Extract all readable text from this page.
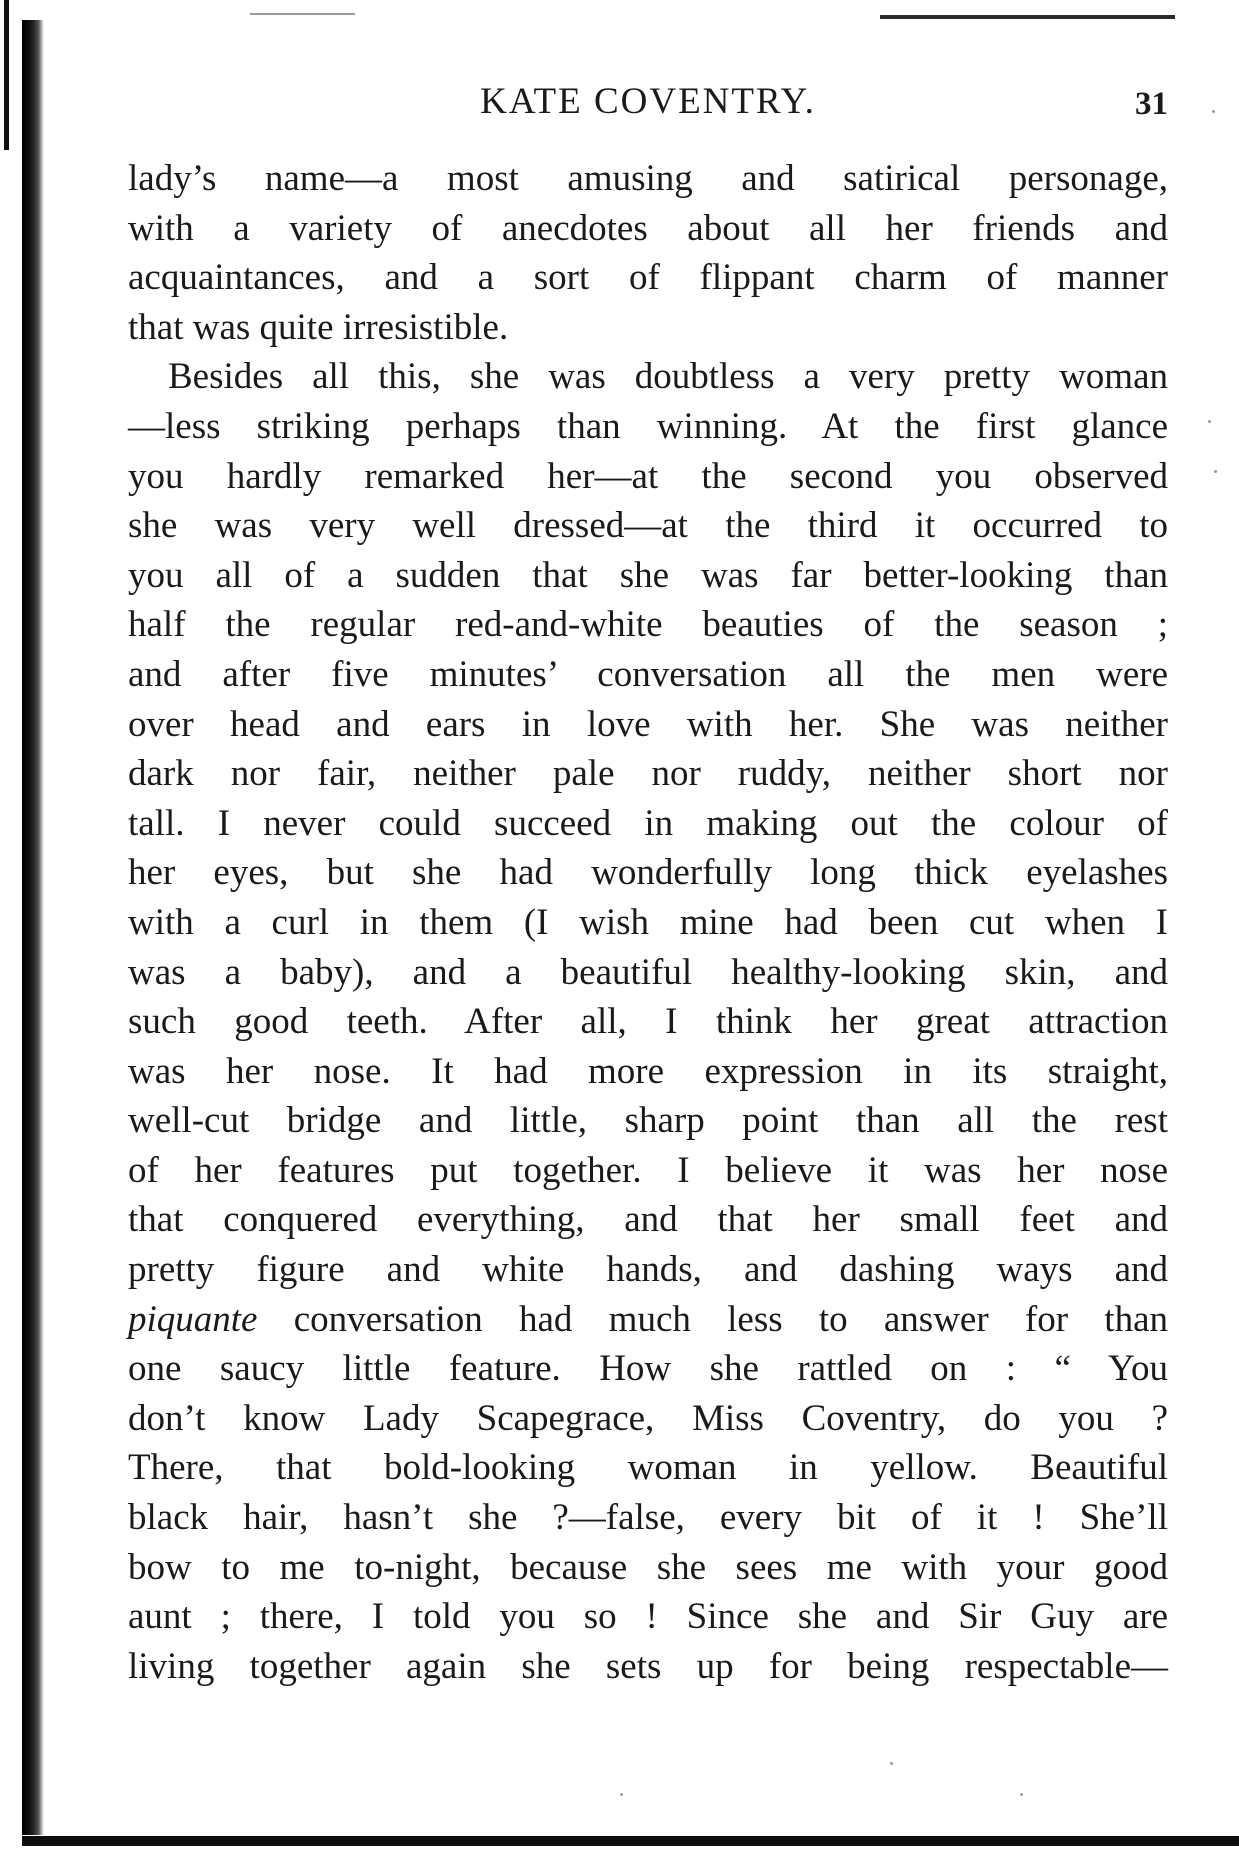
KATE COVENTRY.	31
lady’s name—a most amusing and satirical personage,
with a variety of anecdotes about all her friends and
acquaintances, and a sort of flippant charm of manner
that was quite irresistible.
Besides all this, she was doubtless a very pretty woman
—less striking perhaps than winning. At the first glance
you hardly remarked her—at the second you observed
she was very well dressed—at the third it occurred to
you all of a sudden that she was far better-looking than
half the regular red-and-white beauties of the season ;
and after five minutes’ conversation all the men were
over head and ears in love with her. She was neither
dark nor fair, neither pale nor ruddy, neither short nor
tall. I never could succeed in making out the colour of
her eyes, but she had wonderfully long thick eyelashes
with a curl in them (I wish mine had been cut when I
was a baby), and a beautiful healthy-looking skin, and
such good teeth. After all, I think her great attraction
was her nose. It had more expression in its straight,
well-cut bridge and little, sharp point than all the rest
of her features put together. I believe it was her nose
that conquered everything, and that her small feet and
pretty figure and white hands, and dashing ways and
piquante conversation had much less to answer for than
one saucy little feature. How she rattled on : “ You
don’t know Lady Scapegrace, Miss Coventry, do you ?
There, that bold-looking woman in yellow. Beautiful
black hair, hasn’t she ?—false, every bit of it ! She’ll
bow to me to-night, because she sees me with your good
aunt ; there, I told you so ! Since she and Sir Guy are
living together again she sets up for being respectable—
